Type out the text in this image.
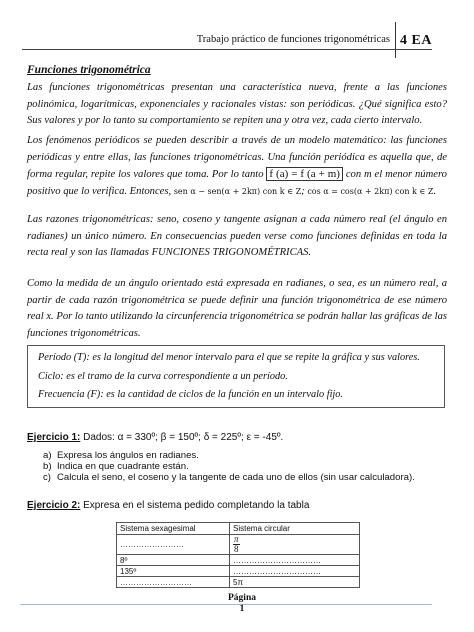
Trabajo práctico de funciones trigonométricas 4 EA
Funciones trigonométrica

Las funciones trigonométricas presentan una característica nueva, frente a las funciones polinómica, logarítmicas, exponenciales y racionales vistas: son periódicas. ¿Qué significa esto? Sus valores y por lo tanto su comportamiento se repiten una y otra vez, cada cierto intervalo.

Los fenómenos periódicos se pueden describir a través de un modelo matemático: las funciones periódicas y entre ellas, las funciones trigonométricas. Una función periódica es aquella que, de forma regular, repite los valores que toma. Por lo tanto f (a) = f (a + m) con m el menor número positivo que lo verifica. Entonces, sen α − sen(α + 2kπ) con k ∈ Z; cos α = cos(α + 2kπ) con k ∈ Z.

Las razones trigonométricas: seno, coseno y tangente asignan a cada número real (el ángulo en radianes) un único número. En consecuencias pueden verse como funciones definidas en toda la recta real y son las llamadas FUNCIONES TRIGONOMÉTRICAS.

Como la medida de un ángulo orientado está expresada en radianes, o sea, es un número real, a partir de cada razón trigonométrica se puede definir una función trigonométrica de ese número real x. Por lo tanto utilizando la circunferencia trigonométrica se podrán hallar las gráficas de las funciones trigonométricas.

Período (T): es la longitud del menor intervalo para el que se repite la gráfica y sus valores.
Ciclo: es el tramo de la curva correspondiente a un período.
Frecuencia (F): es la cantidad de ciclos de la función en un intervalo fijo.
Ejercicio 1: Dados: α = 330º; β = 150º; δ = 225º; ε = -45º.
a) Expresa los ángulos en radianes.
b) Indica en que cuadrante están.
c) Calcula el seno, el coseno y la tangente de cada uno de ellos (sin usar calculadora).
Ejercicio 2: Expresa en el sistema pedido completando la tabla
Sistema sexagesimal	Sistema circular
……………………	$\frac{\pi}{8}$

8º	……………………………
135º	……………………………
………………………	5π
Página
1
